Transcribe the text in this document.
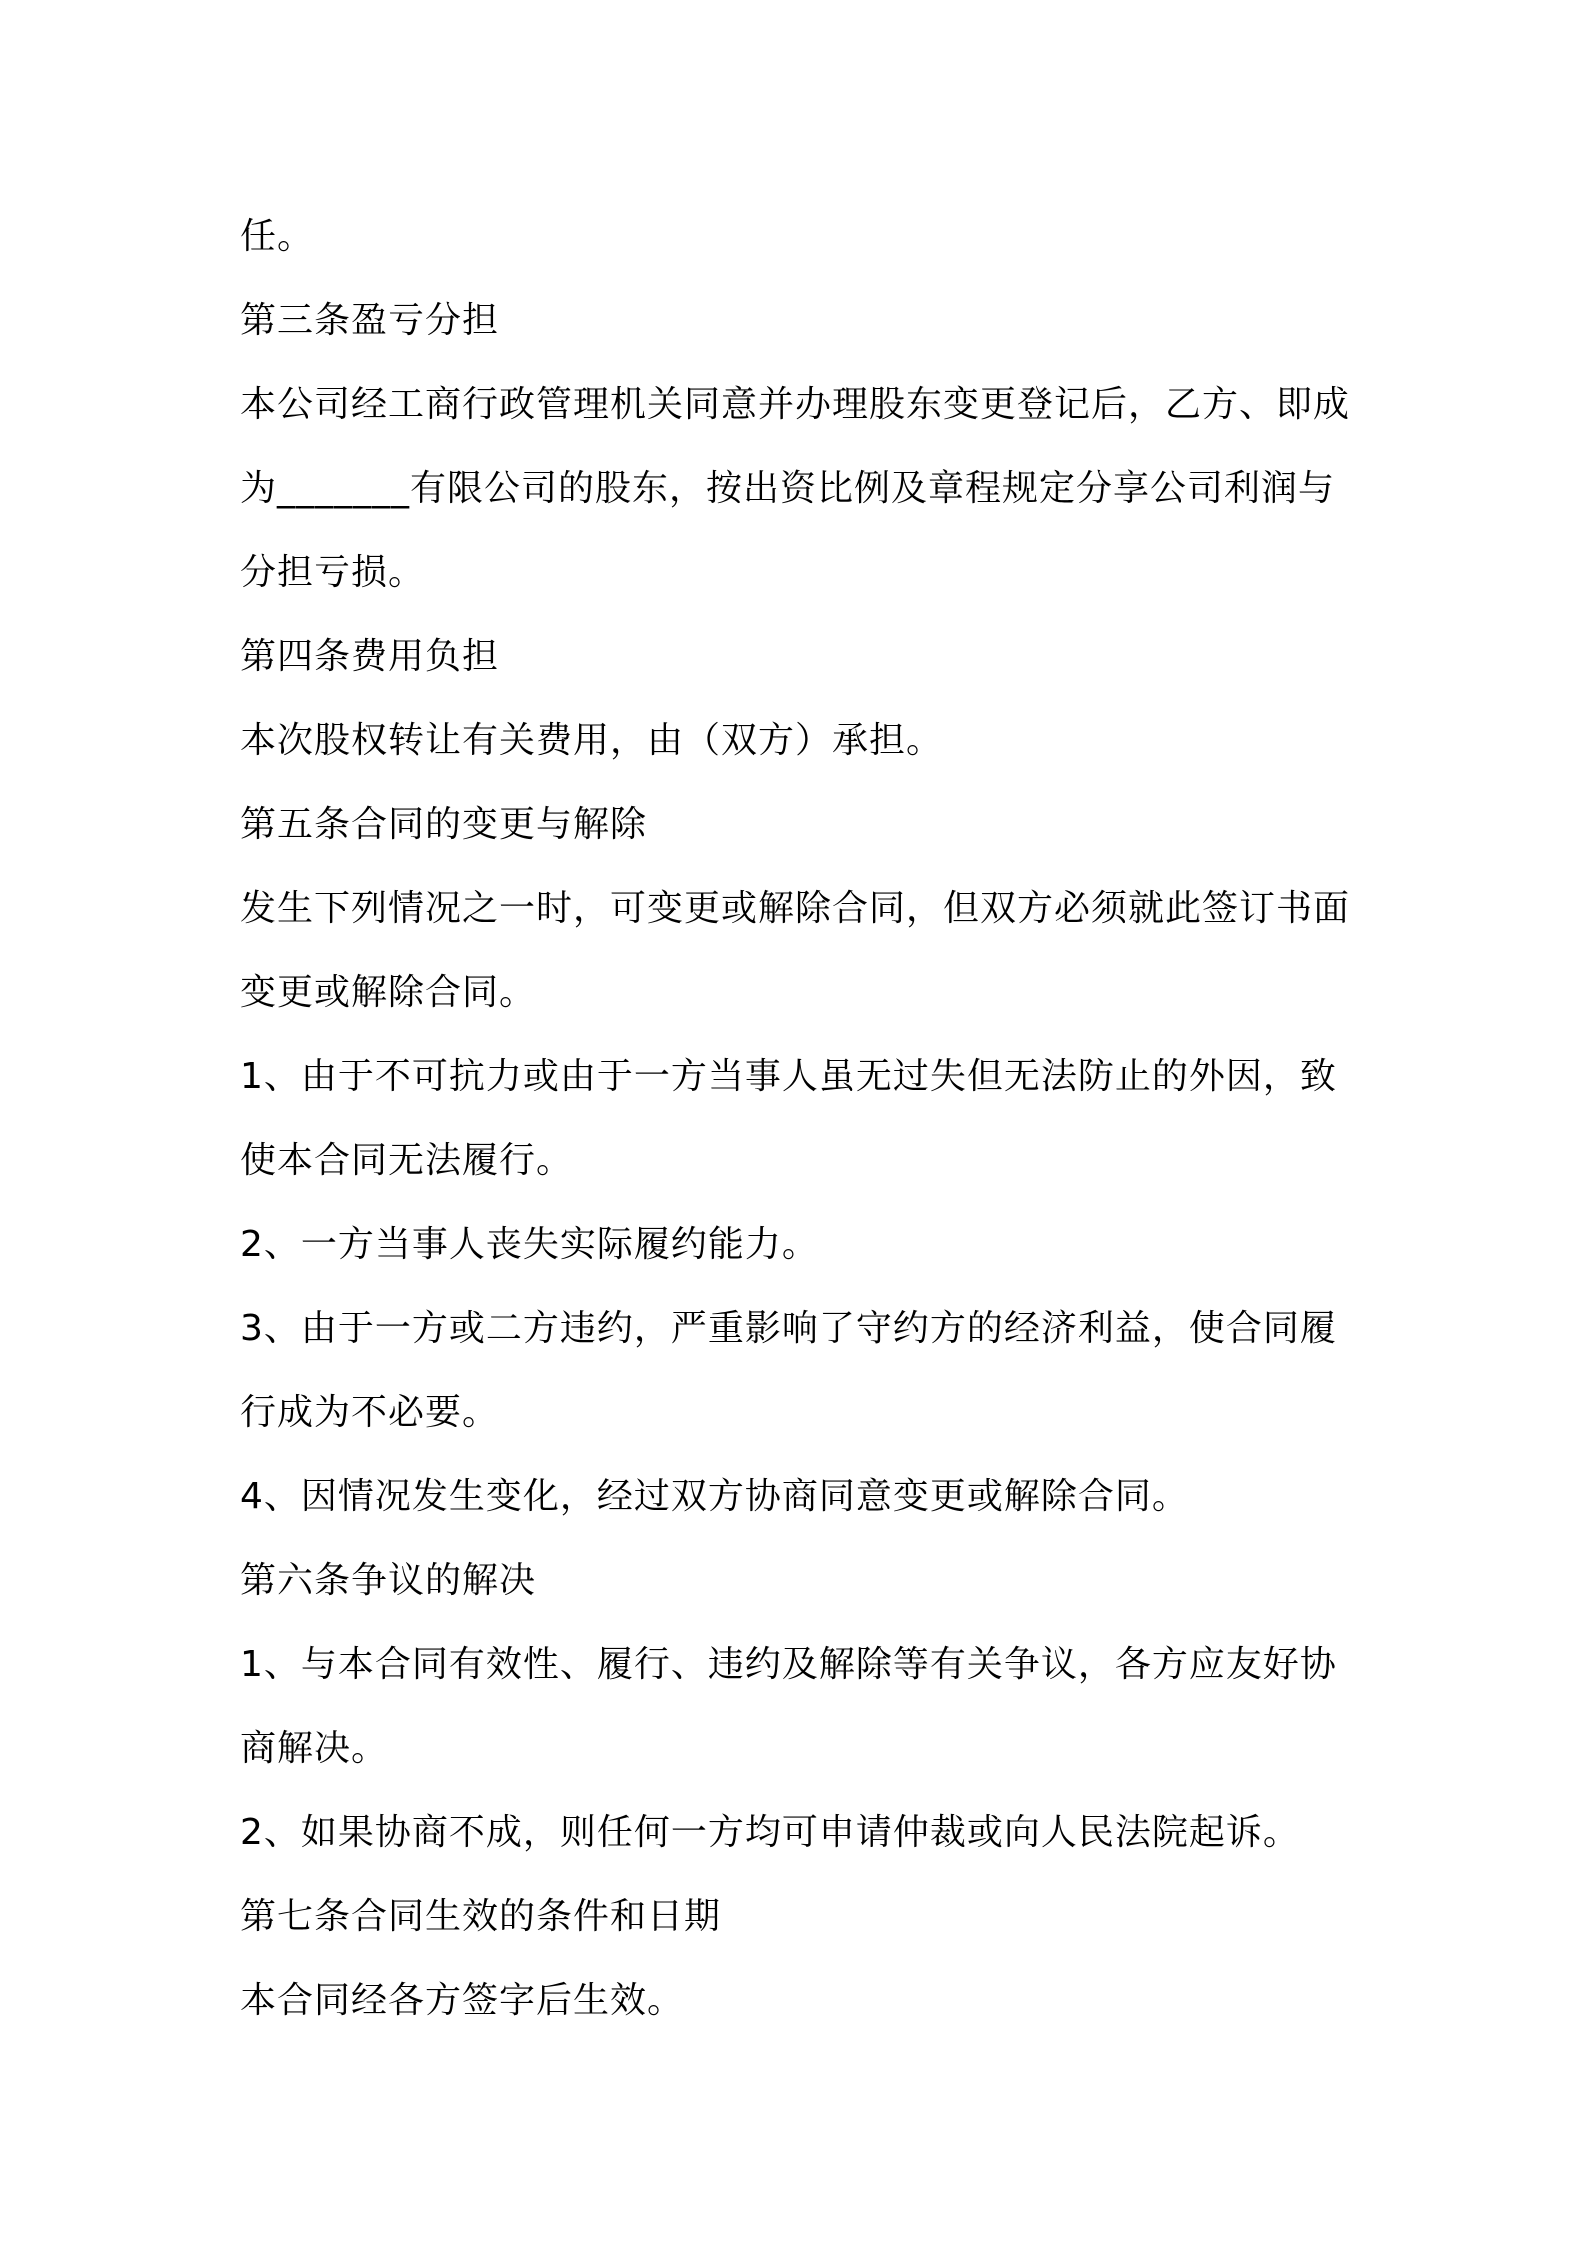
任。

第三条盈亏分担

本公司经工商行政管理机关同意并办理股东变更登记后，乙方、即成
为_______有限公司的股东，按出资比例及章程规定分享公司利润与
分担亏损。

第四条费用负担

本次股权转让有关费用，由（双方）承担。

第五条合同的变更与解除

发生下列情况之一时，可变更或解除合同，但双方必须就此签订书面
变更或解除合同。

1、由于不可抗力或由于一方当事人虽无过失但无法防止的外因，致
使本合同无法履行。

2、一方当事人丧失实际履约能力。

3、由于一方或二方违约，严重影响了守约方的经济利益，使合同履
行成为不必要。

4、因情况发生变化，经过双方协商同意变更或解除合同。

第六条争议的解决

1、与本合同有效性、履行、违约及解除等有关争议，各方应友好协
商解决。

2、如果协商不成，则任何一方均可申请仲裁或向人民法院起诉。

第七条合同生效的条件和日期

本合同经各方签字后生效。
